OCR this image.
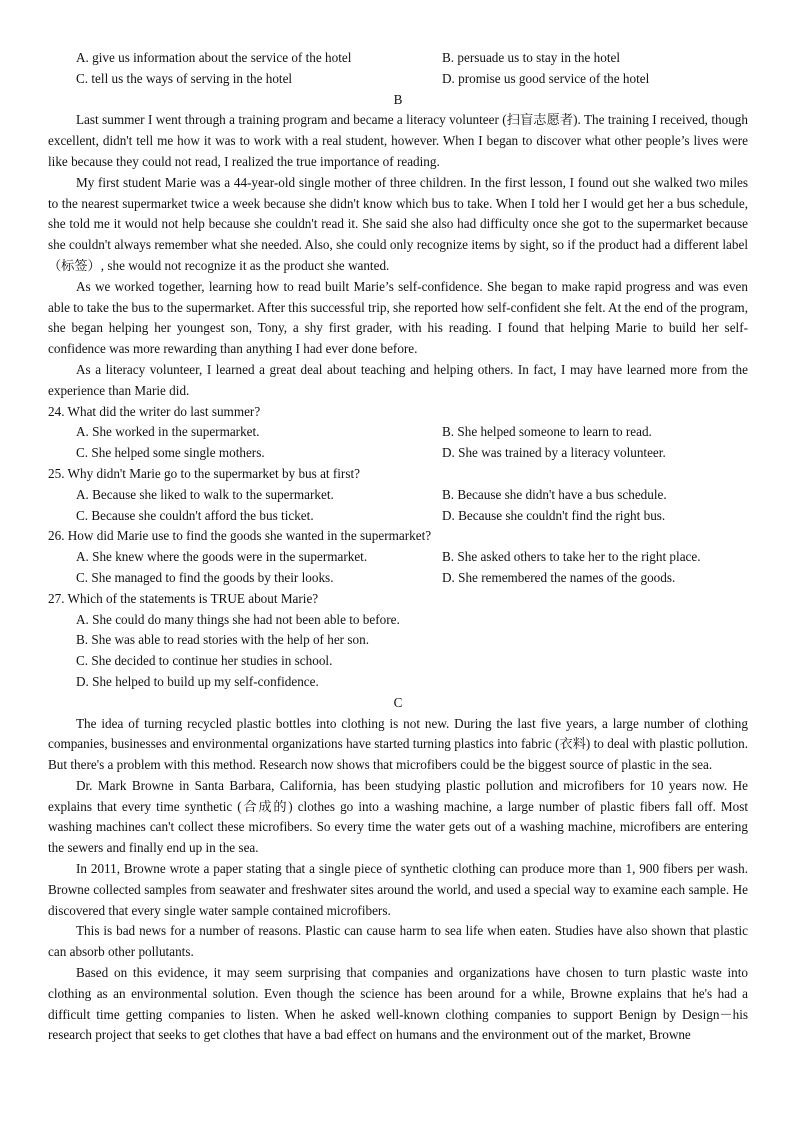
A. give us information about the service of the hotel	B. persuade us to stay in the hotel
C. tell us the ways of serving in the hotel	D. promise us good service of the hotel
B

Last summer I went through a training program and became a literacy volunteer (扫盲志愿者). The training I received, though excellent, didn't tell me how it was to work with a real student, however. When I began to discover what other people’s lives were like because they could not read, I realized the true importance of reading.

My first student Marie was a 44-year-old single mother of three children. In the first lesson, I found out she walked two miles to the nearest supermarket twice a week because she didn't know which bus to take. When I told her I would get her a bus schedule, she told me it would not help because she couldn't read it. She said she also had difficulty once she got to the supermarket because she couldn't always remember what she needed. Also, she could only recognize items by sight, so if the product had a different label（标签）, she would not recognize it as the product she wanted.

As we worked together, learning how to read built Marie’s self-confidence. She began to make rapid progress and was even able to take the bus to the supermarket. After this successful trip, she reported how self-confident she felt. At the end of the program, she began helping her youngest son, Tony, a shy first grader, with his reading. I found that helping Marie to build her self-confidence was more rewarding than anything I had ever done before.

As a literacy volunteer, I learned a great deal about teaching and helping others. In fact, I may have learned more from the experience than Marie did.

24. What did the writer do last summer?
A. She worked in the supermarket.	B. She helped someone to learn to read.
C. She helped some single mothers.	D. She was trained by a literacy volunteer.
25. Why didn't Marie go to the supermarket by bus at first?
A. Because she liked to walk to the supermarket.	B. Because she didn't have a bus schedule.
C. Because she couldn't afford the bus ticket.	D. Because she couldn't find the right bus.
26. How did Marie use to find the goods she wanted in the supermarket?
A. She knew where the goods were in the supermarket.	B. She asked others to take her to the right place.
C. She managed to find the goods by their looks.	D. She remembered the names of the goods.
27. Which of the statements is TRUE about Marie?
A. She could do many things she had not been able to before.
B. She was able to read stories with the help of her son.
C. She decided to continue her studies in school.
D. She helped to build up my self-confidence.
C

The idea of turning recycled plastic bottles into clothing is not new. During the last five years, a large number of clothing companies, businesses and environmental organizations have started turning plastics into fabric (衣料) to deal with plastic pollution. But there's a problem with this method. Research now shows that microfibers could be the biggest source of plastic in the sea.

Dr. Mark Browne in Santa Barbara, California, has been studying plastic pollution and microfibers for 10 years now. He explains that every time synthetic (合成的) clothes go into a washing machine, a large number of plastic fibers fall off. Most washing machines can't collect these microfibers. So every time the water gets out of a washing machine, microfibers are entering the sewers and finally end up in the sea.

In 2011, Browne wrote a paper stating that a single piece of synthetic clothing can produce more than 1, 900 fibers per wash. Browne collected samples from seawater and freshwater sites around the world, and used a special way to examine each sample. He discovered that every single water sample contained microfibers.

This is bad news for a number of reasons. Plastic can cause harm to sea life when eaten. Studies have also shown that plastic can absorb other pollutants.

Based on this evidence, it may seem surprising that companies and organizations have chosen to turn plastic waste into clothing as an environmental solution. Even though the science has been around for a while, Browne explains that he's had a difficult time getting companies to listen. When he asked well-known clothing companies to support Benign by Design－his research project that seeks to get clothes that have a bad effect on humans and the environment out of the market, Browne
